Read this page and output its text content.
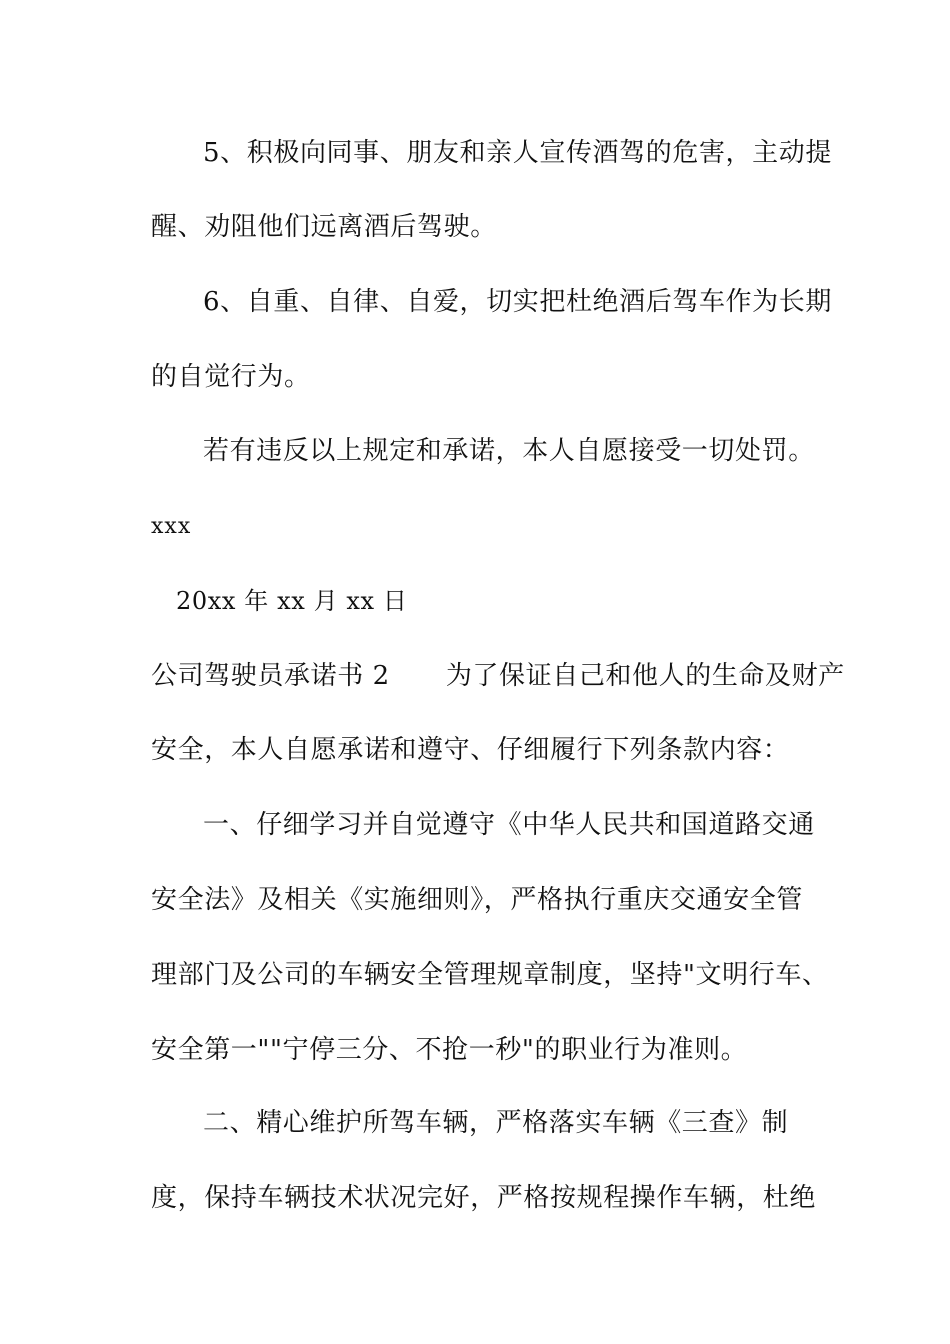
5、积极向同事、朋友和亲人宣传酒驾的危害，主动提
醒、劝阻他们远离酒后驾驶。
6、自重、自律、自爱，切实把杜绝酒后驾车作为长期
的自觉行为。
若有违反以上规定和承诺，本人自愿接受一切处罚。
xxx
20xx 年 xx 月 xx 日
公司驾驶员承诺书 2 为了保证自己和他人的生命及财产
安全，本人自愿承诺和遵守、仔细履行下列条款内容：
一、仔细学习并自觉遵守《中华人民共和国道路交通
安全法》及相关《实施细则》，严格执行重庆交通安全管
理部门及公司的车辆安全管理规章制度，坚持"文明行车、
安全第一""宁停三分、不抢一秒"的职业行为准则。
二、精心维护所驾车辆，严格落实车辆《三查》制
度，保持车辆技术状况完好，严格按规程操作车辆，杜绝
